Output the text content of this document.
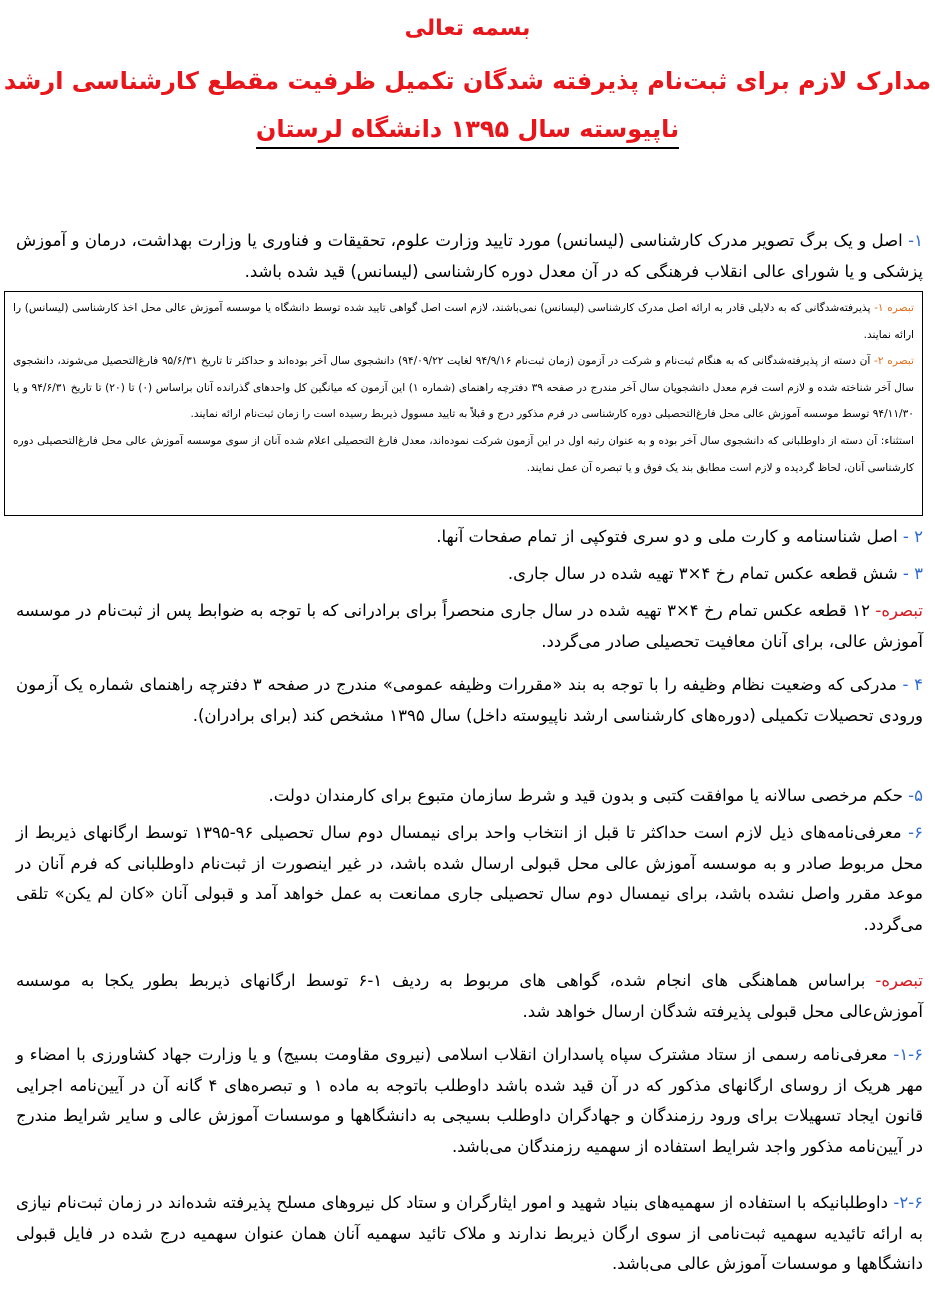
بسمه تعالی
مدارک لازم برای ثبت‌نام پذیرفته شدگان تکمیل ظرفیت مقطع کارشناسی ارشد
ناپیوسته سال ۱۳۹۵ دانشگاه لرستان
۱- اصل و یک برگ تصویر مدرک کارشناسی (لیسانس) مورد تایید وزارت علوم، تحقیقات و فناوری یا وزارت بهداشت، درمان و آموزش پزشکی و یا شورای عالی انقلاب فرهنگی که در آن معدل دوره کارشناسی (لیسانس) قید شده باشد.

تبصره ۱- پذیرفته‌شدگانی که به دلایلی قادر به ارائه اصل مدرک کارشناسی (لیسانس) نمی‌باشند، لازم است اصل گواهی تایید شده توسط دانشگاه یا موسسه آموزش عالی محل اخذ کارشناسی (لیسانس) را ارائه نمایند.

تبصره ۲- آن دسته از پذیرفته‌شدگانی که به هنگام ثبت‌نام و شرکت در آزمون (زمان ثبت‌نام ۹۴/۹/۱۶ لغایت ۹۴/۰۹/۲۲) دانشجوی سال آخر بوده‌اند و حداکثر تا تاریخ ۹۵/۶/۳۱ فارغ‌التحصیل می‌شوند، دانشجوی سال آخر شناخته شده و لازم است فرم معدل دانشجویان سال آخر مندرج در صفحه ۳۹ دفترچه راهنمای (شماره ۱) این آزمون که میانگین کل واحدهای گذرانده آنان براساس (۰) تا (۲۰) تا تاریخ ۹۴/۶/۳۱ و یا ۹۴/۱۱/۳۰ توسط موسسه آموزش عالی محل فارغ‌التحصیلی دوره کارشناسی در فرم مذکور درج و قبلاً به تایید مسوول ذیربط رسیده است را زمان ثبت‌نام ارائه نمایند.

استثناء: آن دسته از داوطلبانی که دانشجوی سال آخر بوده و به عنوان رتبه اول در این آزمون شرکت نموده‌اند، معدل فارغ التحصیلی اعلام شده آنان از سوی موسسه آموزش عالی محل فارغ‌التحصیلی دوره کارشناسی آنان، لحاظ گردیده و لازم است مطابق بند یک فوق و یا تبصره آن عمل نمایند.

۲ - اصل شناسنامه و کارت ملی و دو سری فتوکپی از تمام صفحات آنها.
۳ - شش قطعه عکس تمام رخ ۴×۳ تهیه شده در سال جاری.
تبصره- ۱۲ قطعه عکس تمام رخ ۴×۳ تهیه شده در سال جاری منحصراً برای برادرانی که با توجه به ضوابط پس از ثبت‌نام در موسسه آموزش عالی، برای آنان معافیت تحصیلی صادر می‌گردد.
۴ - مدرکی که وضعیت نظام وظیفه را با توجه به بند «مقررات وظیفه عمومی» مندرج در صفحه ۳ دفترچه راهنمای شماره یک آزمون ورودی تحصیلات تکمیلی (دوره‌های کارشناسی ارشد ناپیوسته داخل) سال ۱۳۹۵ مشخص کند (برای برادران).
۵- حکم مرخصی سالانه یا موافقت کتبی و بدون قید و شرط سازمان متبوع برای کارمندان دولت.
۶- معرفی‌نامه‌های ذیل لازم است حداکثر تا قبل از انتخاب واحد برای نیمسال دوم سال تحصیلی ۹۶-۱۳۹۵ توسط ارگانهای ذیربط از محل مربوط صادر و به موسسه آموزش عالی محل قبولی ارسال شده باشد، در غیر اینصورت از ثبت‌نام داوطلبانی که فرم آنان در موعد مقرر واصل نشده باشد، برای نیمسال دوم سال تحصیلی جاری ممانعت به عمل خواهد آمد و قبولی آنان «کان لم یکن» تلقی می‌گردد.
تبصره- براساس هماهنگی های انجام شده، گواهی های مربوط به ردیف ۱-۶ توسط ارگانهای ذیربط بطور یکجا به موسسه آموزش‌عالی محل قبولی پذیرفته شدگان ارسال خواهد شد.
۱-۶- معرفی‌نامه رسمی از ستاد مشترک سپاه پاسداران انقلاب اسلامی (نیروی مقاومت بسیج) و یا وزارت جهاد کشاورزی با امضاء و مهر هریک از روسای ارگانهای مذکور که در آن قید شده باشد داوطلب باتوجه به ماده ۱ و تبصره‌های ۴ گانه آن در آیین‌نامه اجرایی قانون ایجاد تسهیلات برای ورود رزمندگان و جهادگران داوطلب بسیجی به دانشگاهها و موسسات آموزش عالی و سایر شرایط مندرج در آیین‌نامه مذکور واجد شرایط استفاده از سهمیه رزمندگان می‌باشد.
۲-۶- داوطلبانیکه با استفاده از سهمیه‌های بنیاد شهید و امور ایثارگران و ستاد کل نیروهای مسلح پذیرفته شده‌اند در زمان ثبت‌نام نیازی به ارائه تائیدیه سهمیه ثبت‌نامی از سوی ارگان ذیربط ندارند و ملاک تائید سهمیه آنان همان عنوان سهمیه درج شده در فایل قبولی دانشگاهها و موسسات آموزش عالی می‌باشد.
